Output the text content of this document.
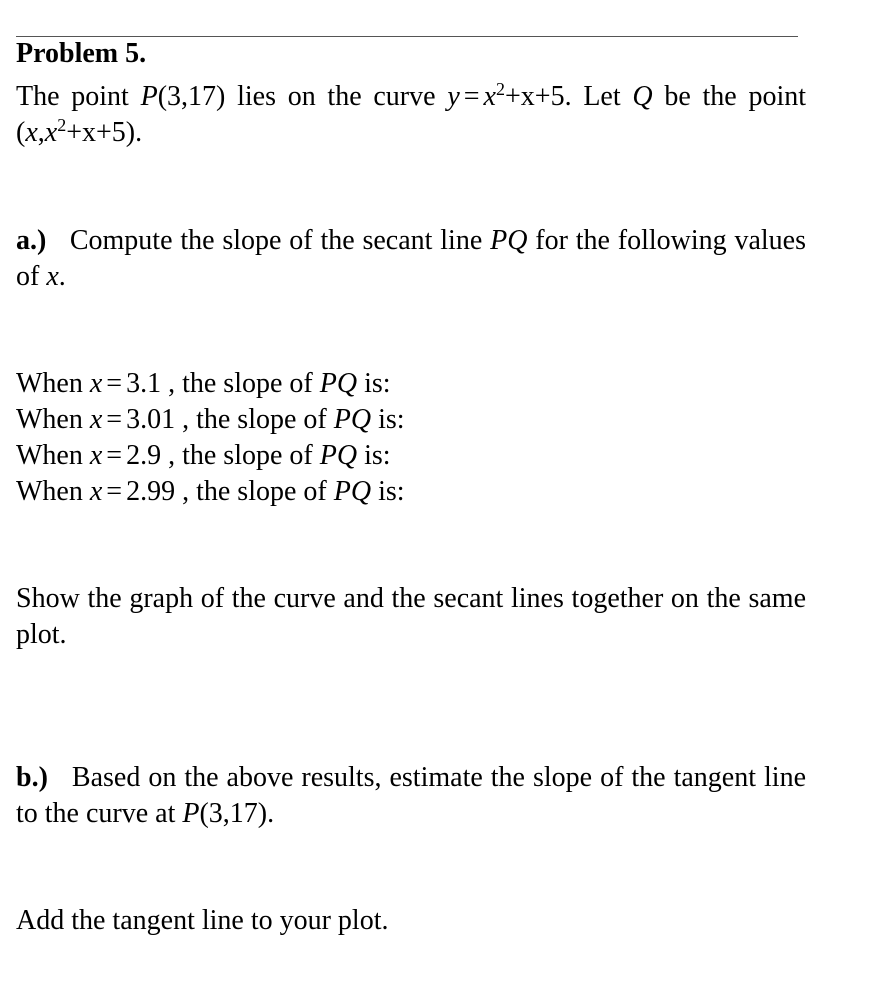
Problem 5.
The point P(3,17) lies on the curve $y = x^2+x+5$. Let Q be the point $(x,x^2+x+5)$.
a.) Compute the slope of the secant line PQ for the following values of x.
When x = 3.1 , the slope of PQ is:
When x = 3.01 , the slope of PQ is:
When x = 2.9 , the slope of PQ is:
When x = 2.99 , the slope of PQ is:
Show the graph of the curve and the secant lines together on the same plot.
b.) Based on the above results, estimate the slope of the tangent line to the curve at P(3,17).
Add the tangent line to your plot.
